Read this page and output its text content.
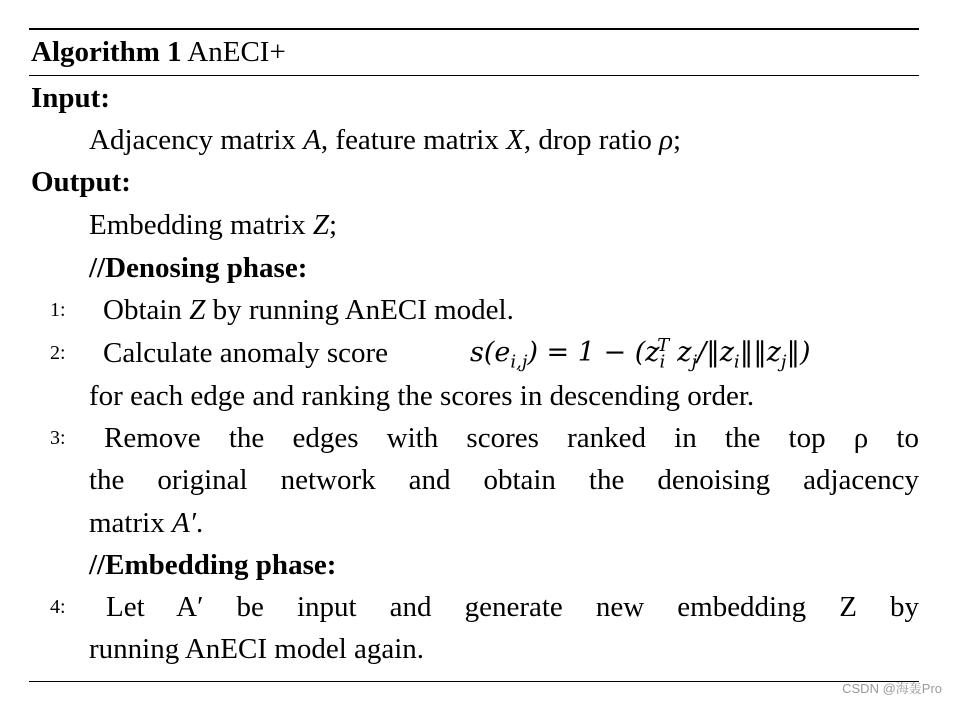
Algorithm 1 AnECI+
Input:
Adjacency matrix A, feature matrix X, drop ratio ρ;
Output:
Embedding matrix Z;
//Denosing phase:
1: Obtain Z by running AnECI model.
2: Calculate anomaly score	$s(e_{i,j}) = 1 - (z_i^T$ $z_j/‖z_i‖‖z_j‖$)
for each edge and ranking the scores in descending order.
3: Remove the edges with scores ranked in the top ρ to
the original network and obtain the denoising adjacency
matrix A′.
//Embedding phase:
4: Let A′ be input and generate new embedding Z by
running AnECI model again.
CSDN @海轰Pro
